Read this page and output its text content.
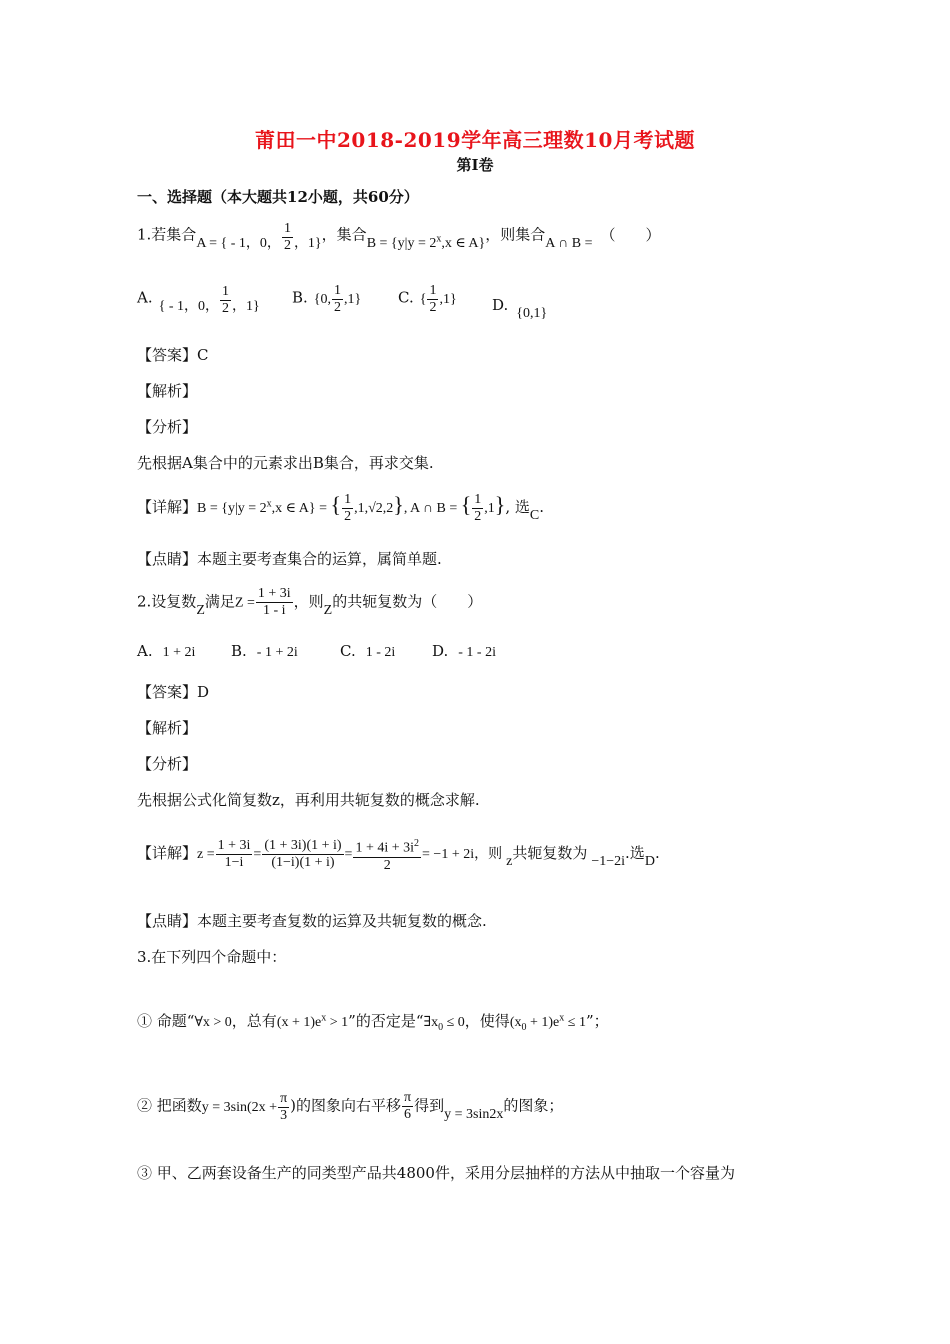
莆田一中2018-2019学年高三理数10月考试题
第Ⅰ卷
一、选择题（本大题共12小题，共60分）
1.若集合A = { - 1，0， $\frac{1}{2}$ ，1}，集合$B = \{y|y = 2^x,x$ ∈ A}，则集合A ∩ B = （　　）
A. { - 1，0， $\frac{1}{2}$ ，1} B. {0, $\frac{1}{2} ,1$} C. { $\frac{1}{2} ,1$} D. {0,1}
【答案】C
【解析】
【分析】
先根据A集合中的元素求出B集合，再求交集.
【详解】$B = \{y|y = 2^x,x$ ∈ A} = { $\frac{1}{2} ,1,√2,2$}, A ∩ B = { $\frac{1}{2} ,1$}, 选C.
【点睛】本题主要考查集合的运算，属简单题.
2.设复数Z满足$Z = \frac{1 + 3i}{1 - i}$ ，则Z的共轭复数为（　　）
A. 1 + 2i B. - 1 + 2i	C. 1 - 2i D. - 1 - 2i
【答案】D
【解析】
【分析】
先根据公式化简复数z，再利用共轭复数的概念求解.
【详解】$z = \frac{1 + 3i}{1-i} = \frac{(1 + 3i)(1 + i)}{(1-i)(1 + i)} = \frac{1 + 4i + 3i^2}{2} = -1 + 2i$，则 z共轭复数为 −1−2i.选D.
【点睛】本题主要考查复数的运算及共轭复数的概念.
3.在下列四个命题中：
① 命题“∀x > 0，总有$(x + 1)e^x > 1$”的否定是“$\exists x_0 \le 0$，使得$(x_0 + 1)e^x \le 1$”；
② 把函数$y = 3\sin(2x + \frac{\pi}{3}$ )的图象向右平移 $\frac{\pi}{6}$ 得到y = 3sin2x的图象；
③ 甲、乙两套设备生产的同类型产品共4800件，采用分层抽样的方法从中抽取一个容量为
